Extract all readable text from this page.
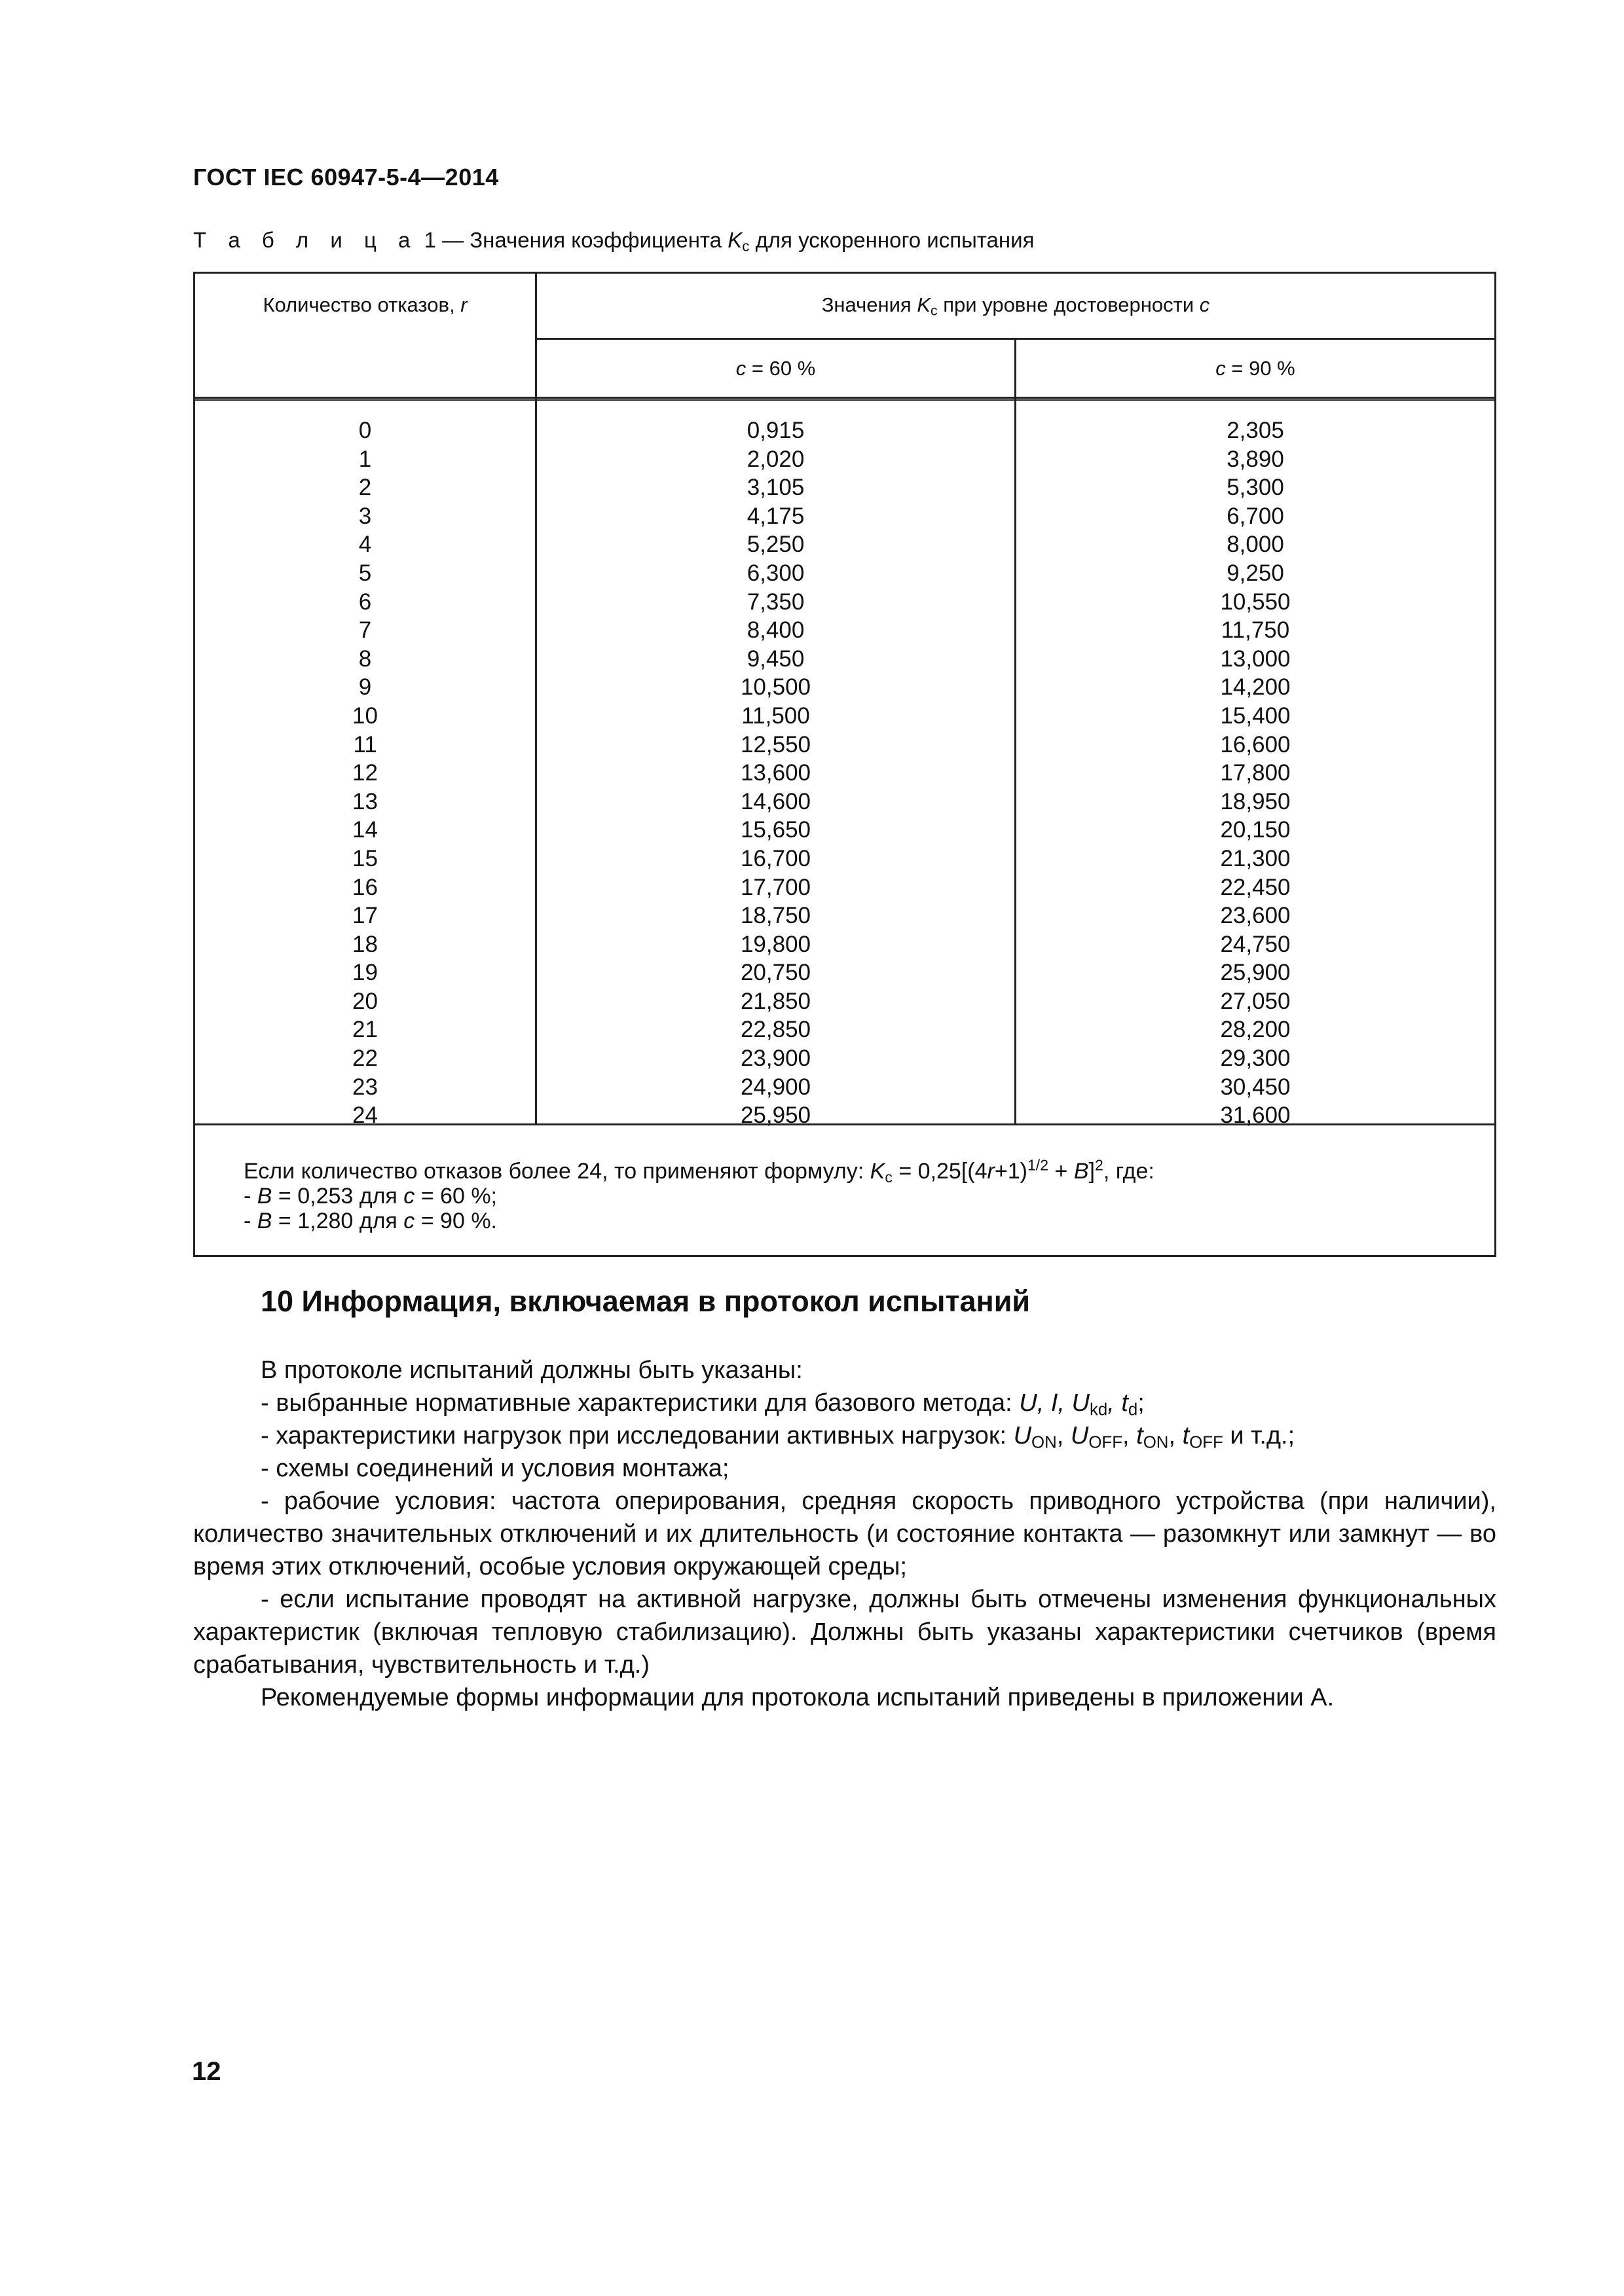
ГОСТ IEC 60947-5-4—2014
Т а б л и ц а 1 — Значения коэффициента $K_c$ для ускоренного испытания
Количество отказов, r	Значения $K_c$ при уровне достоверности c
c = 60 %	c = 90 %
0
1
2
3
4
5
6
7
8
9
10
11
12
13
14
15
16
17
18
19
20
21
22
23
24
0,915
2,020
3,105
4,175
5,250
6,300
7,350
8,400
9,450
10,500
11,500
12,550
13,600
14,600
15,650
16,700
17,700
18,750
19,800
20,750
21,850
22,850
23,900
24,900
25,950
2,305
3,890
5,300
6,700
8,000
9,250
10,550
11,750
13,000
14,200
15,400
16,600
17,800
18,950
20,150
21,300
22,450
23,600
24,750
25,900
27,050
28,200
29,300
30,450
31,600
Если количество отказов более 24, то применяют формулу: $K_c = 0,25[(4r+1)^{1/2} + B]^2$, где:
- B = 0,253 для c = 60 %;
- B = 1,280 для c = 90 %.
10 Информация, включаемая в протокол испытаний
В протоколе испытаний должны быть указаны:
- выбранные нормативные характеристики для базового метода: U, I, $U_{kd}$, $t_d$;
- характеристики нагрузок при исследовании активных нагрузок: $U_{ON}$, $U_{OFF}$, $t_{ON}$, $t_{OFF}$ и т.д.;
- схемы соединений и условия монтажа;
- рабочие условия: частота оперирования, средняя скорость приводного устройства (при наличии), количество значительных отключений и их длительность (и состояние контакта — разомкнут или замкнут — во время этих отключений, особые условия окружающей среды;
- если испытание проводят на активной нагрузке, должны быть отмечены изменения функциональных характеристик (включая тепловую стабилизацию). Должны быть указаны характеристики счетчиков (время срабатывания, чувствительность и т.д.)
Рекомендуемые формы информации для протокола испытаний приведены в приложении А.
12
